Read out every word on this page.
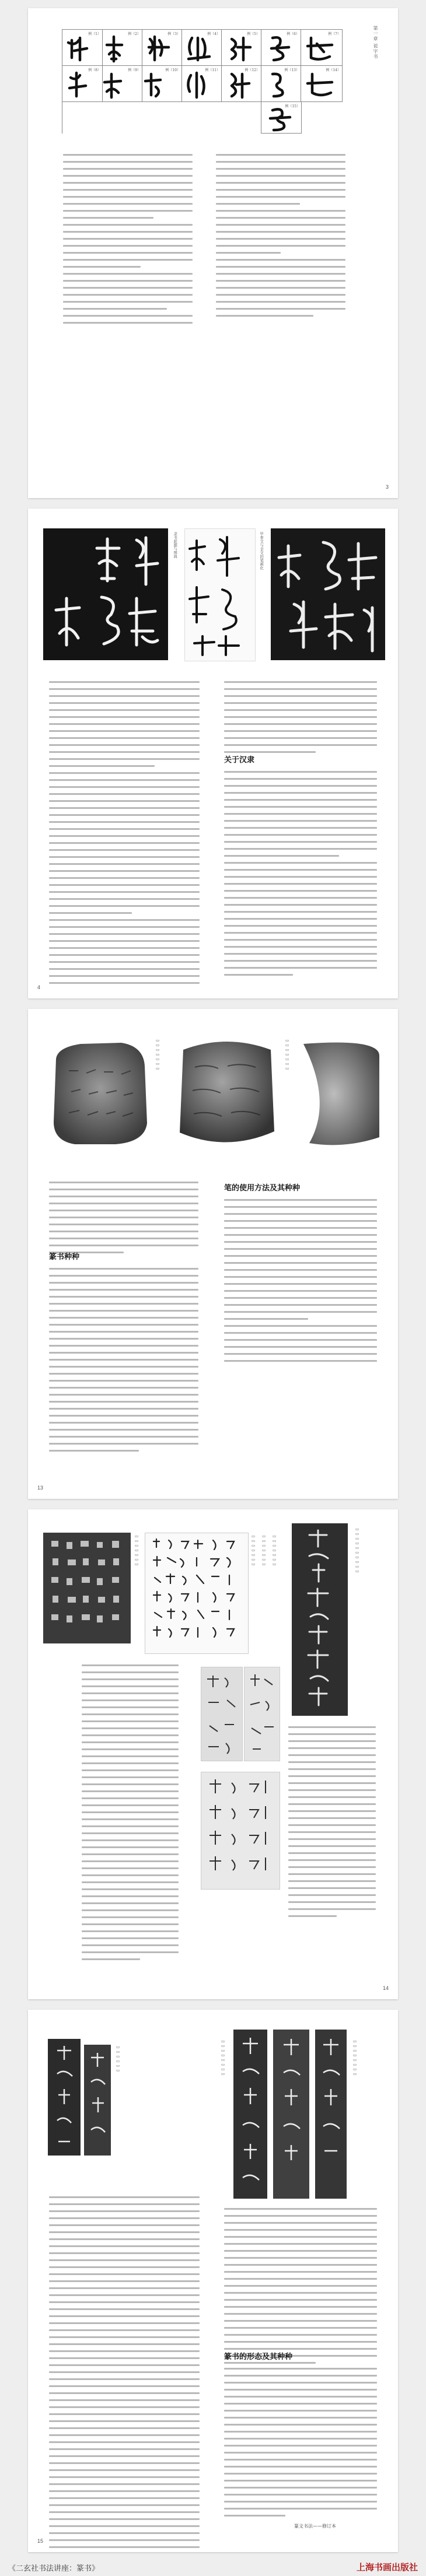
第一章 说字书
例（1）	例（2）	例（3）	例（4）	例（5）	例（6）	例（7）
例（8）	例（9）	例（10）	例（11）	例（12）	例（13）	例（14）
例（15）
3
隶书起源与图典	甲骨文与金文的笔画化
关于汉隶
4
▭▭▭▭▭▭▭	▭▭▭▭▭▭▭
篆书种种
笔的使用方法及其种种
13
▭▭▭▭▭▭▭	▭▭▭▭▭▭▭ ▭▭▭▭▭▭▭ ▭▭▭▭▭▭▭	▭▭▭▭▭▭▭▭▭▭
14
▭▭▭▭▭▭	▭▭▭▭▭▭▭▭	▭▭▭▭▭▭▭▭
篆书的形态及其种种
篆文书法——修订本
15
《二玄社书法讲座：篆书》	上海书画出版社
